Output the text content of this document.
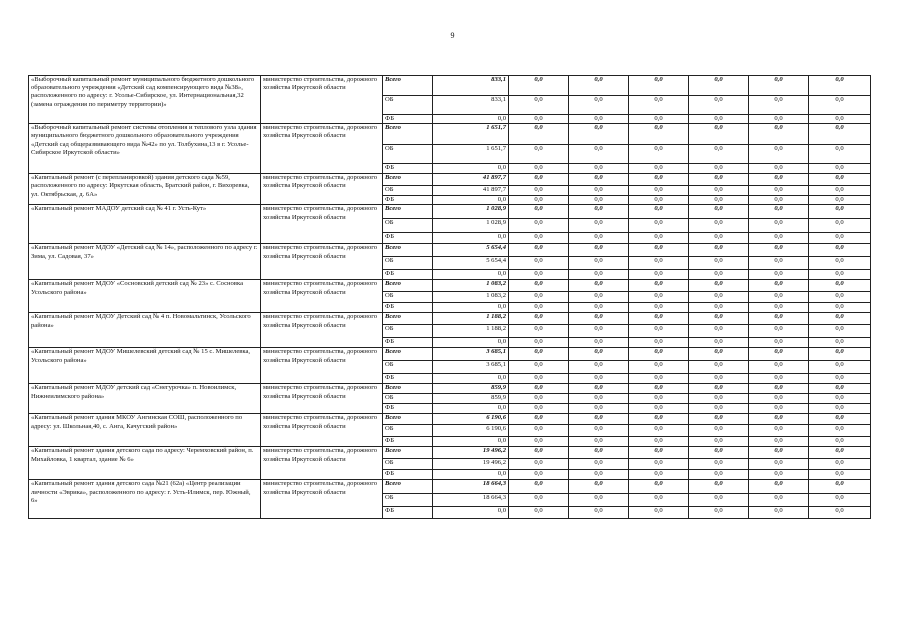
9
«Выборочный капитальный ремонт муниципального бюджетного дошкольного образовательного учреждения «Детский сад компенсирующего вида №38», расположенного по адресу: г. Усолье-Сибирское, ул. Интернациональная,32 (замена ограждения по периметру территории)»	министерство строительства, дорожного хозяйства Иркутской области	Всего	833,1	0,0	0,0	0,0	0,0	0,0	0,0
		ОБ	833,1	0,0	0,0	0,0	0,0	0,0	0,0
		ФБ	0,0	0,0	0,0	0,0	0,0	0,0	0,0
«Выборочный капитальный ремонт системы отопления и теплового узла здания муниципального бюджетного дошкольного образовательного учреждения «Детский сад общеразвивающего вида №42» по ул. Толбухина,13 в г. Усолье-Сибирское Иркутской области»	министерство строительства, дорожного хозяйства Иркутской области	Всего	1 651,7	0,0	0,0	0,0	0,0	0,0	0,0
		ОБ	1 651,7	0,0	0,0	0,0	0,0	0,0	0,0
		ФБ	0,0	0,0	0,0	0,0	0,0	0,0	0,0
«Капитальный ремонт (с перепланировкой) здания детского сада №59, расположенного по адресу: Иркутская область, Братский район, г. Вихоревка, ул. Октябрьская, д. 6А»	министерство строительства, дорожного хозяйства Иркутской области	Всего	41 897,7	0,0	0,0	0,0	0,0	0,0	0,0
		ОБ	41 897,7	0,0	0,0	0,0	0,0	0,0	0,0
		ФБ	0,0	0,0	0,0	0,0	0,0	0,0	0,0
«Капитальный ремонт МАДОУ детский сад № 41 г. Усть-Кут»	министерство строительства, дорожного хозяйства Иркутской области	Всего	1 028,9	0,0	0,0	0,0	0,0	0,0	0,0
		ОБ	1 028,9	0,0	0,0	0,0	0,0	0,0	0,0
		ФБ	0,0	0,0	0,0	0,0	0,0	0,0	0,0
«Капитальный ремонт МДОУ «Детский сад № 14», расположенного по адресу г. Зима, ул. Садовая, 37»	министерство строительства, дорожного хозяйства Иркутской области	Всего	5 654,4	0,0	0,0	0,0	0,0	0,0	0,0
		ОБ	5 654,4	0,0	0,0	0,0	0,0	0,0	0,0
		ФБ	0,0	0,0	0,0	0,0	0,0	0,0	0,0
«Капитальный ремонт МДОУ «Сосновский детский сад № 23» с. Сосновка Усольского района»	министерство строительства, дорожного хозяйства Иркутской области	Всего	1 083,2	0,0	0,0	0,0	0,0	0,0	0,0
		ОБ	1 083,2	0,0	0,0	0,0	0,0	0,0	0,0
		ФБ	0,0	0,0	0,0	0,0	0,0	0,0	0,0
«Капитальный ремонт МДОУ Детский сад № 4 п. Новомальтинск, Усольского района»	министерство строительства, дорожного хозяйства Иркутской области	Всего	1 188,2	0,0	0,0	0,0	0,0	0,0	0,0
		ОБ	1 188,2	0,0	0,0	0,0	0,0	0,0	0,0
		ФБ	0,0	0,0	0,0	0,0	0,0	0,0	0,0
«Капитальный ремонт МДОУ Мишелевский детский сад № 15 с. Мишелевка, Усольского района»	министерство строительства, дорожного хозяйства Иркутской области	Всего	3 685,1	0,0	0,0	0,0	0,0	0,0	0,0
		ОБ	3 685,1	0,0	0,0	0,0	0,0	0,0	0,0
		ФБ	0,0	0,0	0,0	0,0	0,0	0,0	0,0
«Капитальный ремонт МДОУ детский сад «Снегурочка» п. Новоилимск, Нижнеилимского района»	министерство строительства, дорожного хозяйства Иркутской области	Всего	859,9	0,0	0,0	0,0	0,0	0,0	0,0
		ОБ	859,9	0,0	0,0	0,0	0,0	0,0	0,0
		ФБ	0,0	0,0	0,0	0,0	0,0	0,0	0,0
«Капитальный ремонт здания МКОУ Ангинская СОШ, расположенного по адресу: ул. Школьная,40, с. Анга, Качугский район»	министерство строительства, дорожного хозяйства Иркутской области	Всего	6 190,6	0,0	0,0	0,0	0,0	0,0	0,0
		ОБ	6 190,6	0,0	0,0	0,0	0,0	0,0	0,0
		ФБ	0,0	0,0	0,0	0,0	0,0	0,0	0,0
«Капитальный ремонт здания детского сада по адресу: Черемховский район, п. Михайловка, 1 квартал, здание № 6»	министерство строительства, дорожного хозяйства Иркутской области	Всего	19 496,2	0,0	0,0	0,0	0,0	0,0	0,0
		ОБ	19 496,2	0,0	0,0	0,0	0,0	0,0	0,0
		ФБ	0,0	0,0	0,0	0,0	0,0	0,0	0,0
«Капитальный ремонт здания детского сада №21 (62а) «Центр реализации личности «Эврика», расположенного по адресу: г. Усть-Илимск, пер. Южный, 6»	министерство строительства, дорожного хозяйства Иркутской области	Всего	18 664,3	0,0	0,0	0,0	0,0	0,0	0,0
		ОБ	18 664,3	0,0	0,0	0,0	0,0	0,0	0,0
		ФБ	0,0	0,0	0,0	0,0	0,0	0,0	0,0
